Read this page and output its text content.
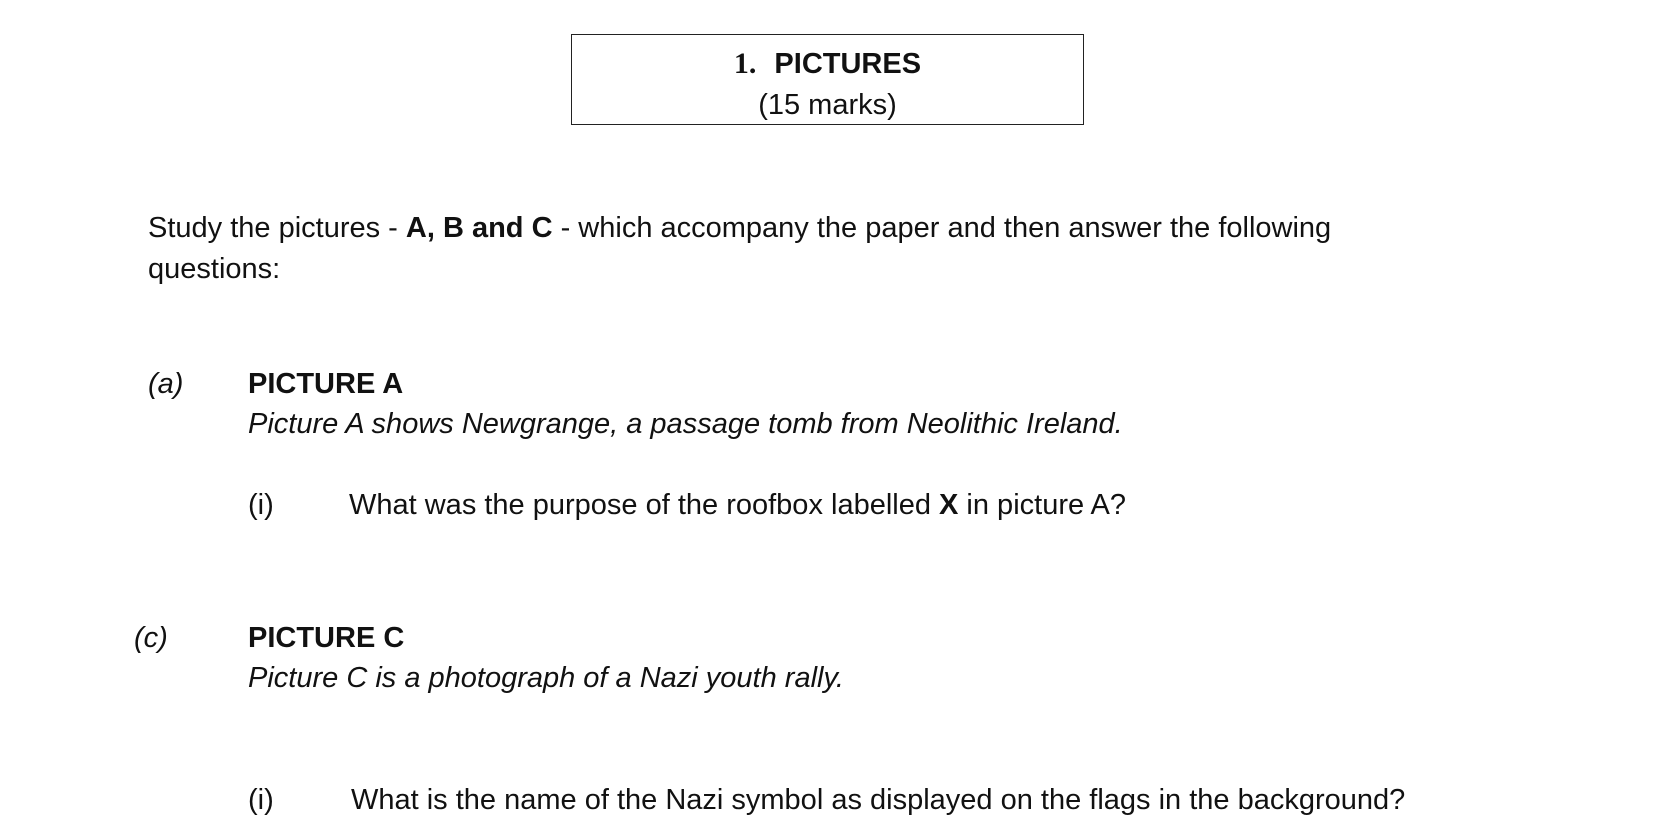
1. PICTURES
(15 marks)
Study the pictures - A, B and C - which accompany the paper and then answer the following questions:
(a) PICTURE A
Picture A shows Newgrange, a passage tomb from Neolithic Ireland.
(i)	What was the purpose of the roofbox labelled X in picture A?
(c)	PICTURE C
Picture C is a photograph of a Nazi youth rally.
(i)	What is the name of the Nazi symbol as displayed on the flags in the background?
